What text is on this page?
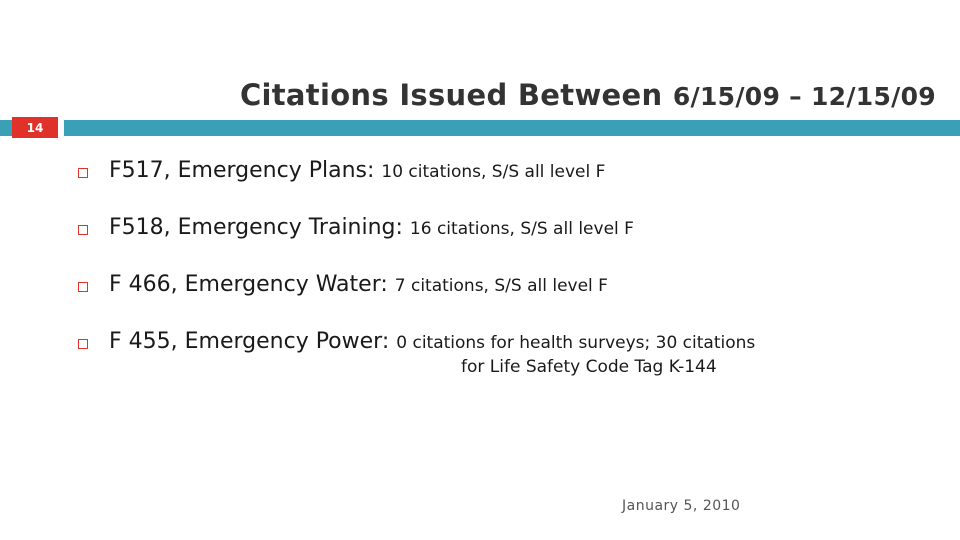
Citations Issued Between 6/15/09 – 12/15/09
14
F517, Emergency Plans: 10 citations, S/S all level F
F518, Emergency Training: 16 citations, S/S all level F
F 466, Emergency Water: 7 citations, S/S all level F
F 455, Emergency Power: 0 citations for health surveys; 30 citations
for Life Safety Code Tag K-144
January 5, 2010
